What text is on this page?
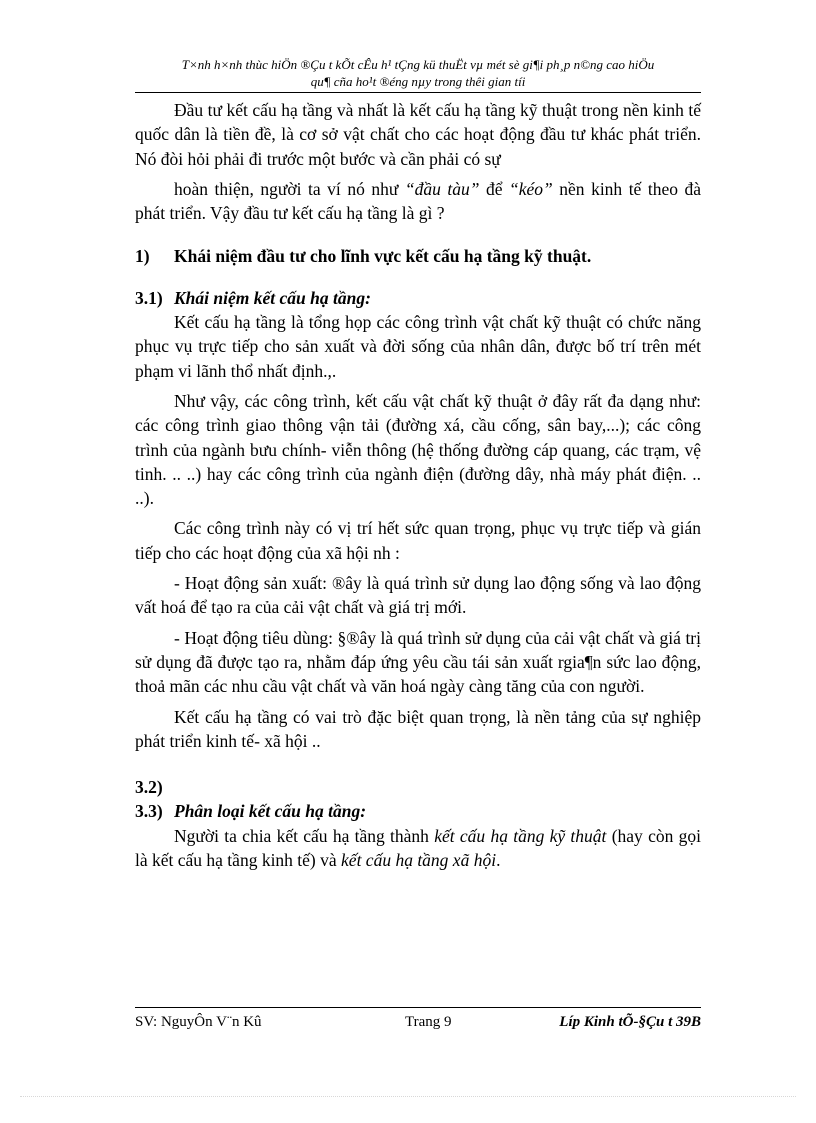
T×nh h×nh thùc hiÖn ®Çu t kÕt cÊu h¹ tÇng kü thuËt vµ mét sè gi¶i ph¸p n©ng cao hiÖu
qu¶ cña ho¹t ®éng nµy trong thêi gian tíi

Đầu tư kết cấu hạ tầng và nhất là kết cấu hạ tầng kỹ thuật trong nền kinh tế quốc dân là tiền đề, là cơ sở vật chất cho các hoạt động đầu tư khác phát triển. Nó đòi hỏi phải đi trước một bước và cần phải có sự

hoàn thiện, người ta ví nó như “đầu tàu” để “kéo” nền kinh tế theo đà phát triển. Vậy đầu tư kết cấu hạ tầng là gì ?

1) Khái niệm đầu tư cho lĩnh vực kết cấu hạ tầng kỹ thuật.

3.1) Khái niệm kết cấu hạ tầng:

Kết cấu hạ tầng là tổng họp các công trình vật chất kỹ thuật có chức năng phục vụ trực tiếp cho sản xuất và đời sống của nhân dân, được bố trí trên mét phạm vi lãnh thổ nhất định.,.

Như vậy, các công trình, kết cấu vật chất kỹ thuật ở đây rất đa dạng như: các công trình giao thông vận tải (đường xá, cầu cống, sân bay,...); các công trình của ngành bưu chính- viễn thông (hệ thống đường cáp quang, các trạm, vệ tinh. .. ..) hay các công trình của ngành điện (đường dây, nhà máy phát điện. .. ..).

Các công trình này có vị trí hết sức quan trọng, phục vụ trực tiếp và gián tiếp cho các hoạt động của xã hội nh :

- Hoạt động sản xuất: ®ây là quá trình sử dụng lao động sống và lao động vất hoá để tạo ra của cải vật chất và giá trị mới.

- Hoạt động tiêu dùng: §®ây là quá trình sử dụng của cải vật chất và giá trị sử dụng đã được tạo ra, nhằm đáp ứng yêu cầu tái sản xuất rgia¶n sức lao động, thoả mãn các nhu cầu vật chất và văn hoá ngày càng tăng của con người.

Kết cấu hạ tầng có vai trò đặc biệt quan trọng, là nền tảng của sự nghiệp phát triển kinh tế- xã hội ..

3.2)

3.3) Phân loại kết cấu hạ tầng:

Người ta chia kết cấu hạ tầng thành kết cấu hạ tầng kỹ thuật (hay còn gọi là kết cấu hạ tầng kinh tế) và kết cấu hạ tầng xã hội.

SV: NguyÔn V¨n Kû	Trang 9	Líp Kinh tÕ-§Çu t 39B
